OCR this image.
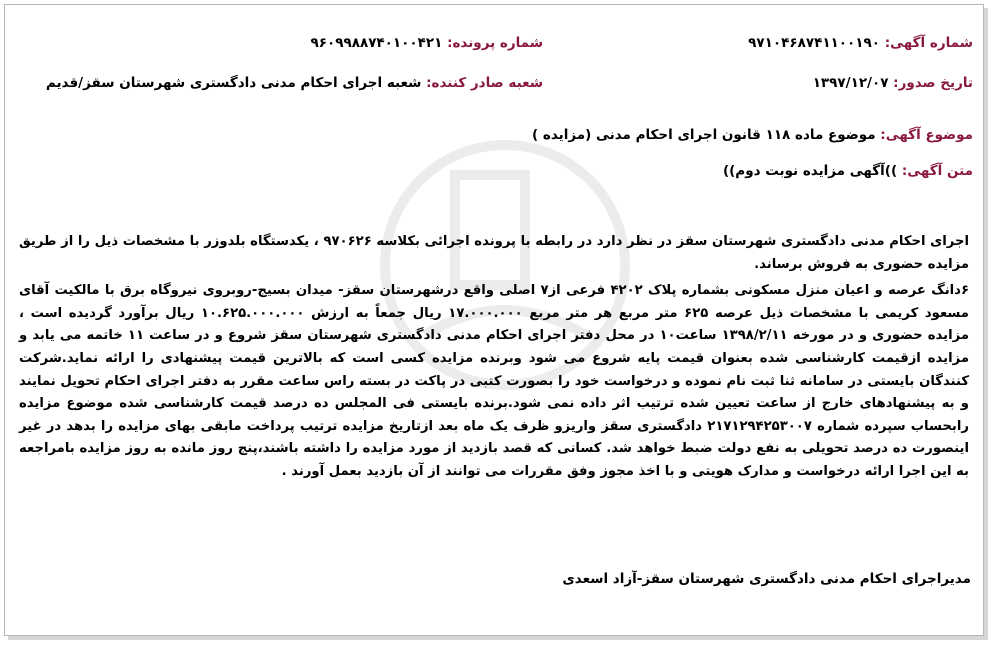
شماره آگهی: ۹۷۱۰۴۶۸۷۴۱۱۰۰۱۹۰
شماره پرونده: ۹۶۰۹۹۸۸۷۴۰۱۰۰۴۲۱
تاریخ صدور: ۱۳۹۷/۱۲/۰۷
شعبه صادر کننده: شعبه اجرای احکام مدنی دادگستری شهرستان سقز/قدیم
موضوع آگهی: موضوع ماده ۱۱۸ قانون اجرای احکام مدنی (مزایده )
متن آگهی: ))آگهی مزایده نوبت دوم))

اجرای احکام مدنی دادگستری شهرستان سقز در نظر دارد در رابطه با پرونده اجرائی بکلاسه ۹۷۰۶۲۶ ، یکدستگاه بلدوزر با مشخصات ذیل را از طریق مزایده حضوری به فروش برساند.

۶دانگ عرصه و اعیان منزل مسکونی بشماره پلاک ۴۲۰۲ فرعی از۷ اصلی واقع درشهرستان سقز- میدان بسیج-روبروی نیروگاه برق با مالکیت آقای مسعود کریمی با مشخصات ذیل عرصه ۶۲۵ متر مربع هر متر مربع ۱۷.۰۰۰.۰۰۰ ریال جمعاً به ارزش ۱۰.۶۲۵.۰۰۰.۰۰۰ ریال برآورد گردیده است ، مزایده حضوری و در مورخه ۱۳۹۸/۲/۱۱ ساعت۱۰ در محل دفتر اجرای احکام مدنی دادگستری شهرستان سقز شروع و در ساعت ۱۱ خاتمه می یابد و مزایده ازقیمت کارشناسی شده بعنوان قیمت پایه شروع می شود وبرنده مزایده کسی است که بالاترین قیمت پیشنهادی را ارائه نماید.شرکت کنندگان بایستی در سامانه ثنا ثبت نام نموده و درخواست خود را بصورت کتبی در پاکت در بسته راس ساعت مقرر به دفتر اجرای احکام تحویل نمایند و به پیشنهادهای خارج از ساعت تعیین شده ترتیب اثر داده نمی شود.برنده بایستی فی المجلس ده درصد قیمت کارشناسی شده موضوع مزایده رابحساب سپرده شماره ۲۱۷۱۲۹۴۲۵۳۰۰۷ دادگستری سقز واریزو ظرف یک ماه بعد ازتاریخ مزایده ترتیب پرداخت مابقی بهای مزایده را بدهد در غیر اینصورت ده درصد تحویلی به نفع دولت ضبط خواهد شد. کسانی که قصد بازدید از مورد مزایده را داشته باشند،پنج روز مانده به روز مزایده بامراجعه به این اجرا ارائه درخواست و مدارک هویتی و با اخذ مجوز وفق مقررات می توانند از آن بازدید بعمل آورند .

مدیراجرای احکام مدنی دادگستری شهرستان سقز-آزاد اسعدی
